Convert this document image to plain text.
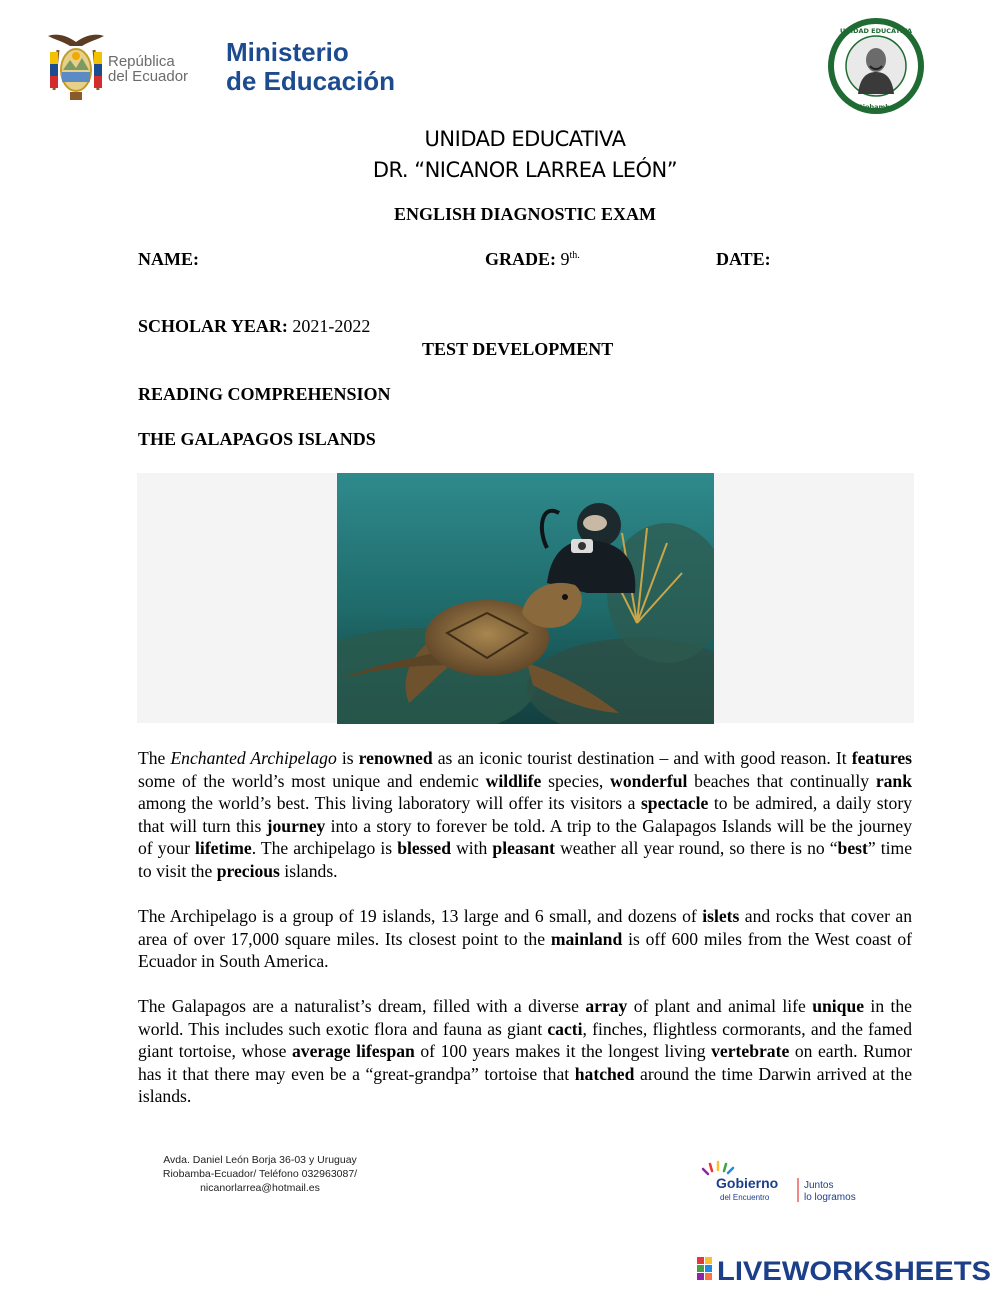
República
del Ecuador
Ministerio
de Educación
UNIDAD EDUCATIVA
Riobamba
UNIDAD EDUCATIVA
DR. “NICANOR LARREA LEÓN”
ENGLISH DIAGNOSTIC EXAM
NAME:	GRADE: $9^{th.}$	DATE:
SCHOLAR YEAR: 2021-2022
TEST DEVELOPMENT
READING COMPREHENSION
THE GALAPAGOS ISLANDS
The Enchanted Archipelago is renowned as an iconic tourist destination – and with good reason. It features some of the world’s most unique and endemic wildlife species, wonderful beaches that continually rank among the world’s best. This living laboratory will offer its visitors a spectacle to be admired, a daily story that will turn this journey into a story to forever be told. A trip to the Galapagos Islands will be the journey of your lifetime. The archipelago is blessed with pleasant weather all year round, so there is no “best” time to visit the precious islands.
The Archipelago is a group of 19 islands, 13 large and 6 small, and dozens of islets and rocks that cover an area of over 17,000 square miles. Its closest point to the mainland is off 600 miles from the West coast of Ecuador in South America.
The Galapagos are a naturalist’s dream, filled with a diverse array of plant and animal life unique in the world. This includes such exotic flora and fauna as giant cacti, finches, flightless cormorants, and the famed giant tortoise, whose average lifespan of 100 years makes it the longest living vertebrate on earth. Rumor has it that there may even be a “great-grandpa” tortoise that hatched around the time Darwin arrived at the islands.
Avda. Daniel León Borja 36-03 y Uruguay
Riobamba-Ecuador/ Teléfono 032963087/
nicanorlarrea@hotmail.es	Gobierno
del Encuentro
Juntos
lo logramos
LIVEWORKSHEETS
